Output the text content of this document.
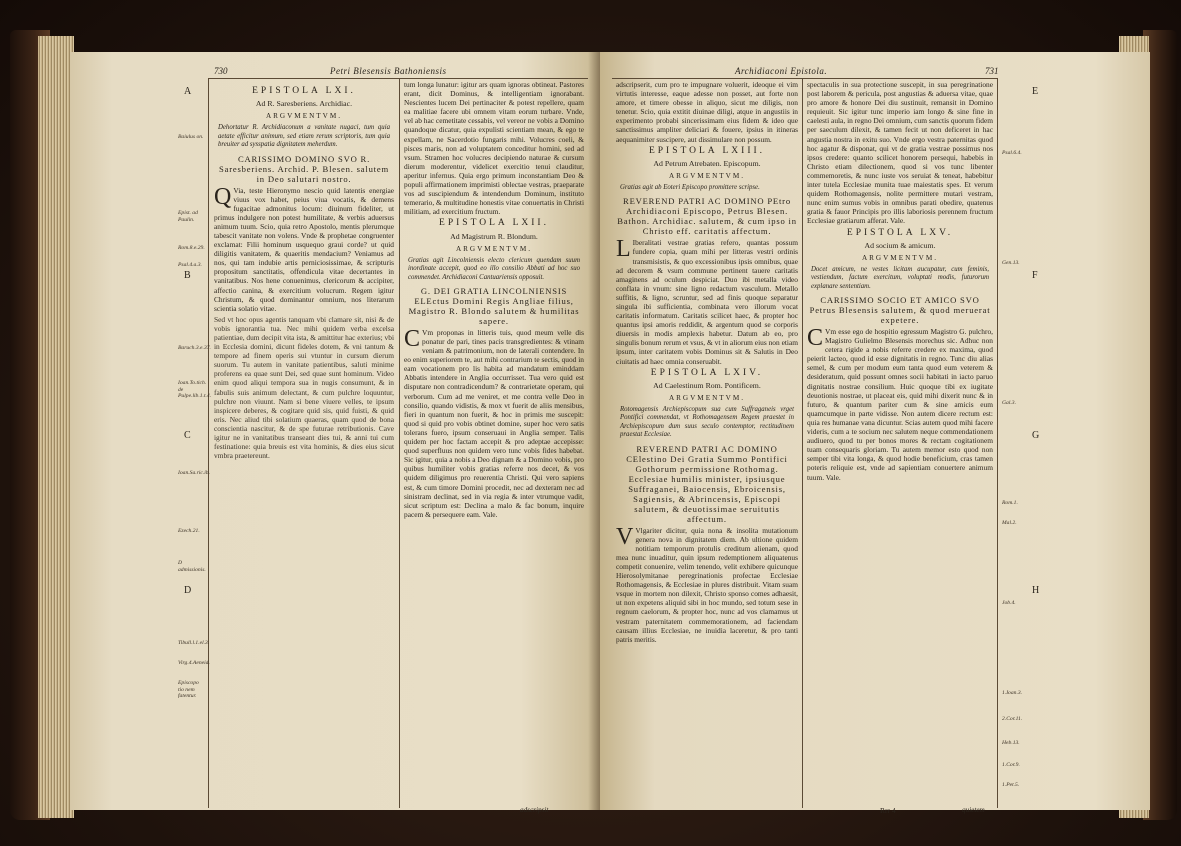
730	Petri Blesensis Bathoniensis
A
B
C
D
Baiulus on.
Epist. ad Paulin.
Rom.8.e.29.
Psal.4.a.3.
Baruch.3.e.37.
Ioan.To.tich. de Pulpe.lib.1.t.4.
Ioan.Sa.ric.ib.
Ezech.21.
D admissionis.
Tibull.l.1.el.3.
Virg.4.Aeneid.
Episcopo tio nem fatentur.
EPISTOLA LXI.
Ad R. Saresberiens. Archidiac.
ARGVMENTVM.
Dehortatur R. Archidiaconum a vanitate nugaci, tum quia aetate efficitur animum, sed etiam rerum scriptoris, tum quia breuiter ad sysspatia dignitatem meherdum.
CARISSIMO DOMINO SVO R. Saresberiens. Archid. P. Blesen. salutem in Deo salutari nostro.

Q Via, teste Hieronymo nescio quid latentis energiae viuus vox habet, peius viua vocatis, & demens fugacitae admonitus locum: diuinum fideliter, ut primus indulgere non potest humilitate, & verbis aduersus animum tuum. Scio, quia retro Apostolo, mentis plerumque tabescit vanitate non volens. Vnde & prophetae congruenter exclamat: Filii hominum usquequo graui corde? ut quid diligitis vanitatem, & quaeritis mendacium? Veniamus ad nos, qui tam indubie artis perniciosissimae, & scripturis propositum sanctitatis, offendicula vitae decertantes in vanitatibus. Nos hene conuenimus, clericorum & accipiter, affectio canina, & exercitium volucrum. Regem igitur Christum, & quod dominantur omnium, nos literarum scientia solatio vitae.

Sed vt hoc opus agentis tanquam vbi clamare sit, nisi & de vobis ignorantia tua. Nec mihi quidem verba excelsa patientiae, dum decipit vita ista, & amittitur hac exterius; vbi in Ecclesia domini, dicunt fideles dotem, & vni tantum & tempore ad finem operis sui vtuntur in cursum dierum suorum. Tu autem in vanitate patientibus, saluti minime proferens ea quae sunt Dei, sed quae sunt hominum. Video enim quod aliqui tempora sua in nugis consumunt, & in fabulis suis animum delectant, & cum pulchre loquuntur, pulchre non viuunt. Nam si bene viuere velles, te ipsum inspicere deberes, & cogitare quid sis, quid fuisti, & quid eris. Nec aliud tibi solatium quaeras, quam quod de bona conscientia nascitur, & de spe futurae retributionis. Cave igitur ne in vanitatibus transeant dies tui, & anni tui cum festinatione: quia breuis est vita hominis, & dies eius sicut vmbra praetereunt.

tum longa lunatur: igitur ars quam ignoras obtineat. Pastores erant, dicit Dominus, & intelligentiam ignorabant. Nescientes lucem Dei pertinaciter & potest repellere, quam ea malitiae facere ubi omnem vitam eorum turbare. Vnde, vel ab hac cemetitate cessabis, vel vereor ne vobis a Domino quandoque dicatur, quia expulisti scientiam mean, & ego te expellam, ne Sacerdotio fungaris mihi. Volucres coeli, & pisces maris, non ad voluptatem conceditur homini, sed ad vsum. Stramen hoc volucres decipiendo naturae & cursum dierum moderentur, videlicet exercitio tenui clauditur, aperitur infernus. Quia ergo primum inconstantiam Deo & populi affirmationem imprimisti oblectae vestras, praeparate vos ad suscipiendum & intendendum Dominum, instituto temerario, & multitudine honestis vitae conuertatis in Christi militiam, ad exercitium fructum.

EPISTOLA LXII.
Ad Magistrum R. Blondum.
ARGVMENTVM.
Gratias agit Lincolniensis electo clericum quendam suum inordinate accepit, quod eo illo consilio Abbati ad hoc suo commendet. Archidiaconi Cantuariensis opposuit.
G. DEI GRATIA LINCOLNIENSIS ELEctus Domini Regis Angliae filius, Magistro R. Blondo salutem & humilitas sapere.

C Vm proponas in litteris tuis, quod meum velle dis ponatur de pari, tines pacis transgredientes: & vtinam veniam & patrimonium, non de laterali contendere. In eo enim superiorem te, aut mihi contrarium te sectis, quod in eam vocationem pro lis habita ad mandatum eminddam Abbatis intendere in Anglia occurrisset. Tua vero quid est disputare non contradicendum? & contrarietate operam, qui verborum. Cum ad me veniret, et me contra velle Deo in consilio, quando vidistis, & mox vt fuerit de aliis mensibus, fieri in quantum non fuerit, & hoc in primis me suscepit: quod si quid pro vobis obtinet domine, super hoc vero satis tolerans fuero, ipsum conseruaui in Anglia semper. Talis quidem per hoc factam accepit & pro adeptae accepisse: quod superfluus non quidem vero tunc vobis fides habebat. Sic igitur, quia a nobis a Deo dignam & a Domino vobis, pro quibus humiliter vobis gratias referre nos decet, & vos quidem diligimus pro reuerentia Christi. Qui vero sapiens est, & cum timore Domini procedit, nec ad dexteram nec ad sinistram declinat, sed in via regia & inter vtrumque vadit, sicut scriptum est: Declina a malo & fac bonum, inquire pacem & persequere eam. Vale.

adscripsit
Archidiaconi Epistola.	731
E
F
G
H
Psal.6.4.
Gen.13.
Gal.3.
Rom.1.
Mal.2.
Job.4.
1.Ioan.3.
2.Cor.11.
Heb.13.
1.Cor.9.
1.Pet.5.

adscripserit, cum pro te impugnare voluerit, ideoque ei vim virtutis interesse, eaque adesse non posset, aut forte non amore, et timere obesse in aliquo, sicut me diligis, non tenetur. Scio, quia extitit diuinae diligi, atque in angustiis in experimento probabi sincerissimam eius fidem & ideo que sanctissimus ampliter deliciari & fouere, ipsius in itineras aequanimiter suscipere, aut dissimulare non possum.

EPISTOLA LXIII.
Ad Petrum Atrebaten. Episcopum.
ARGVMENTVM.
Gratias agit ab Eoteri Episcopo promittere scripse.
REVEREND PATRI AC DOMINO PEtro Archidiaconi Episcopo, Petrus Blesen. Bathon. Archidiac. salutem, & cum ipso in Christo eff. caritatis affectum.

L Iberalitati vestrae gratias refero, quantas possum fundere copia, quam mihi per litteras vestri ordinis transmisistis, & quo excessionibus ipsis omnibus, quae ad decorem & vsum commune pertinent tauere caritatis amaginens ad oculum despiciat. Duo ibi metalla video conflata in vnum: sine ligno redactum vasculum. Metallo suffitis, & ligno, scruntur, sed ad finis quoque separatur singula ibi sufficientia, combinata vero illorum vocat caritatis informatum. Caritatis scilicet haec, & propter hoc quantus ipsi amoris reddidit, & argentum quod se corporis diuersis in modis amplexis habetur. Datum ab eo, pro singulis bonum rerum et vsus, & vt in aliorum eius non etiam ipsum, inter caritatem vobis Dominus sit & Salutis in Deo ciuitatis ad haec omnia conseruabit.

EPISTOLA LXIV.
Ad Caelestinum Rom. Pontificem.
ARGVMENTVM.
Rotomagensis Archiepiscopum sua cum Suffraganeis vrget Pontifici commendat, vt Rothomagensem Regem praestet in Archiepiscopum dum suus seculo contemptor, rectitudinem praestat Ecclesiae.
REVEREND PATRI AC DOMINO CElestino Dei Gratia Summo Pontifici Gothorum permissione Rothomag. Ecclesiae humilis minister, ipsiusque Suffraganei, Baiocensis, Ebroicensis, Sagiensis, & Abrincensis, Episcopi salutem, & deuotissimae seruitutis affectum.

V Vlgariter dicitur, quia nona & insolita mutationum genera nova in dignitatem diem. Ab ultione quidem notitiam temporum protulis creditum alienam, quod mea nunc inuaditur, quin ipsum redemptionem aliquatenus competit conuenire, velim tenendo, velit exhibere quicunque Hierosolymitanae peregrinationis profectae Ecclesiae Rothomagensis, & Ecclesiae in plures distribuit. Vitam suam vsque in mortem non dilexit, Christo sponso comes adhaesit, ut non expetens aliquid sibi in hoc mundo, sed totum sese in regnum caelorum, & propter hoc, nunc ad vos clamamus ut vestram paternitatem commemorationem, ad faciendam causam illius Ecclesiae, ne inuidia laceretur, & pro tanti patris meritis.

spectaculis in sua protectione suscepit, in sua peregrinatione post laborem & pericula, post angustias & aduersa vitae, quae pro amore & honore Dei diu sustinuit, remansit in Domino requieuit. Sic igitur tunc imperio iam longo & sine fine in caelesti aula, in regno Dei omnium, cum sanctis quorum fidem per saeculum dilexit, & tamen fecit ut non deficeret in hac angustia nostra in exitu suo. Vnde ergo vestra paternitas quod hoc agatur & disponat, qui vt de gratia vestrae possimus nos ipsos credere: quanto scilicet honorem persequi, habebis in Christo etiam dilectionem, quod si vos tunc libenter commemoretis, & nunc iuste vos seruiat & teneat, habebitur inter tutela Ecclesiae munita tuae maiestatis spes. Et verum quidem Rothomagensis, nolite permittere mutari vestram, nunc enim sumus vobis in omnibus parati obedire, quatenus gratia & fauor Principis pro illis laboriosis perennem fructum Ecclesiae gratiarum afferat. Vale.

EPISTOLA LXV.
Ad socium & amicum.
ARGVMENTVM.
Docet amicum, ne vestes licitam aucupatur, cum feminis, vestiendum, factum exercitum, voluptati modis, futurorum explanare sententiam.
CARISSIMO SOCIO ET AMICO SVO Petrus Blesensis salutem, & quod meruerat expetere.

C Vm esse ego de hospitio egressum Magistro G. pulchro, Magistro Gulielmo Blesensis morechus sic. Adhuc non cetera rigide a nobis referre credere ex maxima, quod peierit lacteo, quod id esse dignitatis in regno. Tunc diu alias semel, & cum per modum eum tanta quod eum veterem & desideratum, quid possunt omnes socii habitati in iacto paruo dignitatis nostrae consilium. Huic quoque tibi ex iugitate deuotionis nostrae, ut placeat eis, quid mihi dixerit nunc & in futuro, & quantum pariter cum & sine amicis eum quamcumque in parte vidisse. Non autem dicere rectum est: quia res humanae vana dicuntur. Scias autem quod mihi facere videris, cum a te socium nec salutem neque commendationem audiuero, quod tu per bonos mores & rectam cogitationem tuam consequaris gloriam. Tu autem memor esto quod non semper tibi vita longa, & quod hodie beneficium, cras tamen poteris reliquie est, vnde ad sapientiam conuertere animum tuum. Vale.

Rrr 4	quietem
